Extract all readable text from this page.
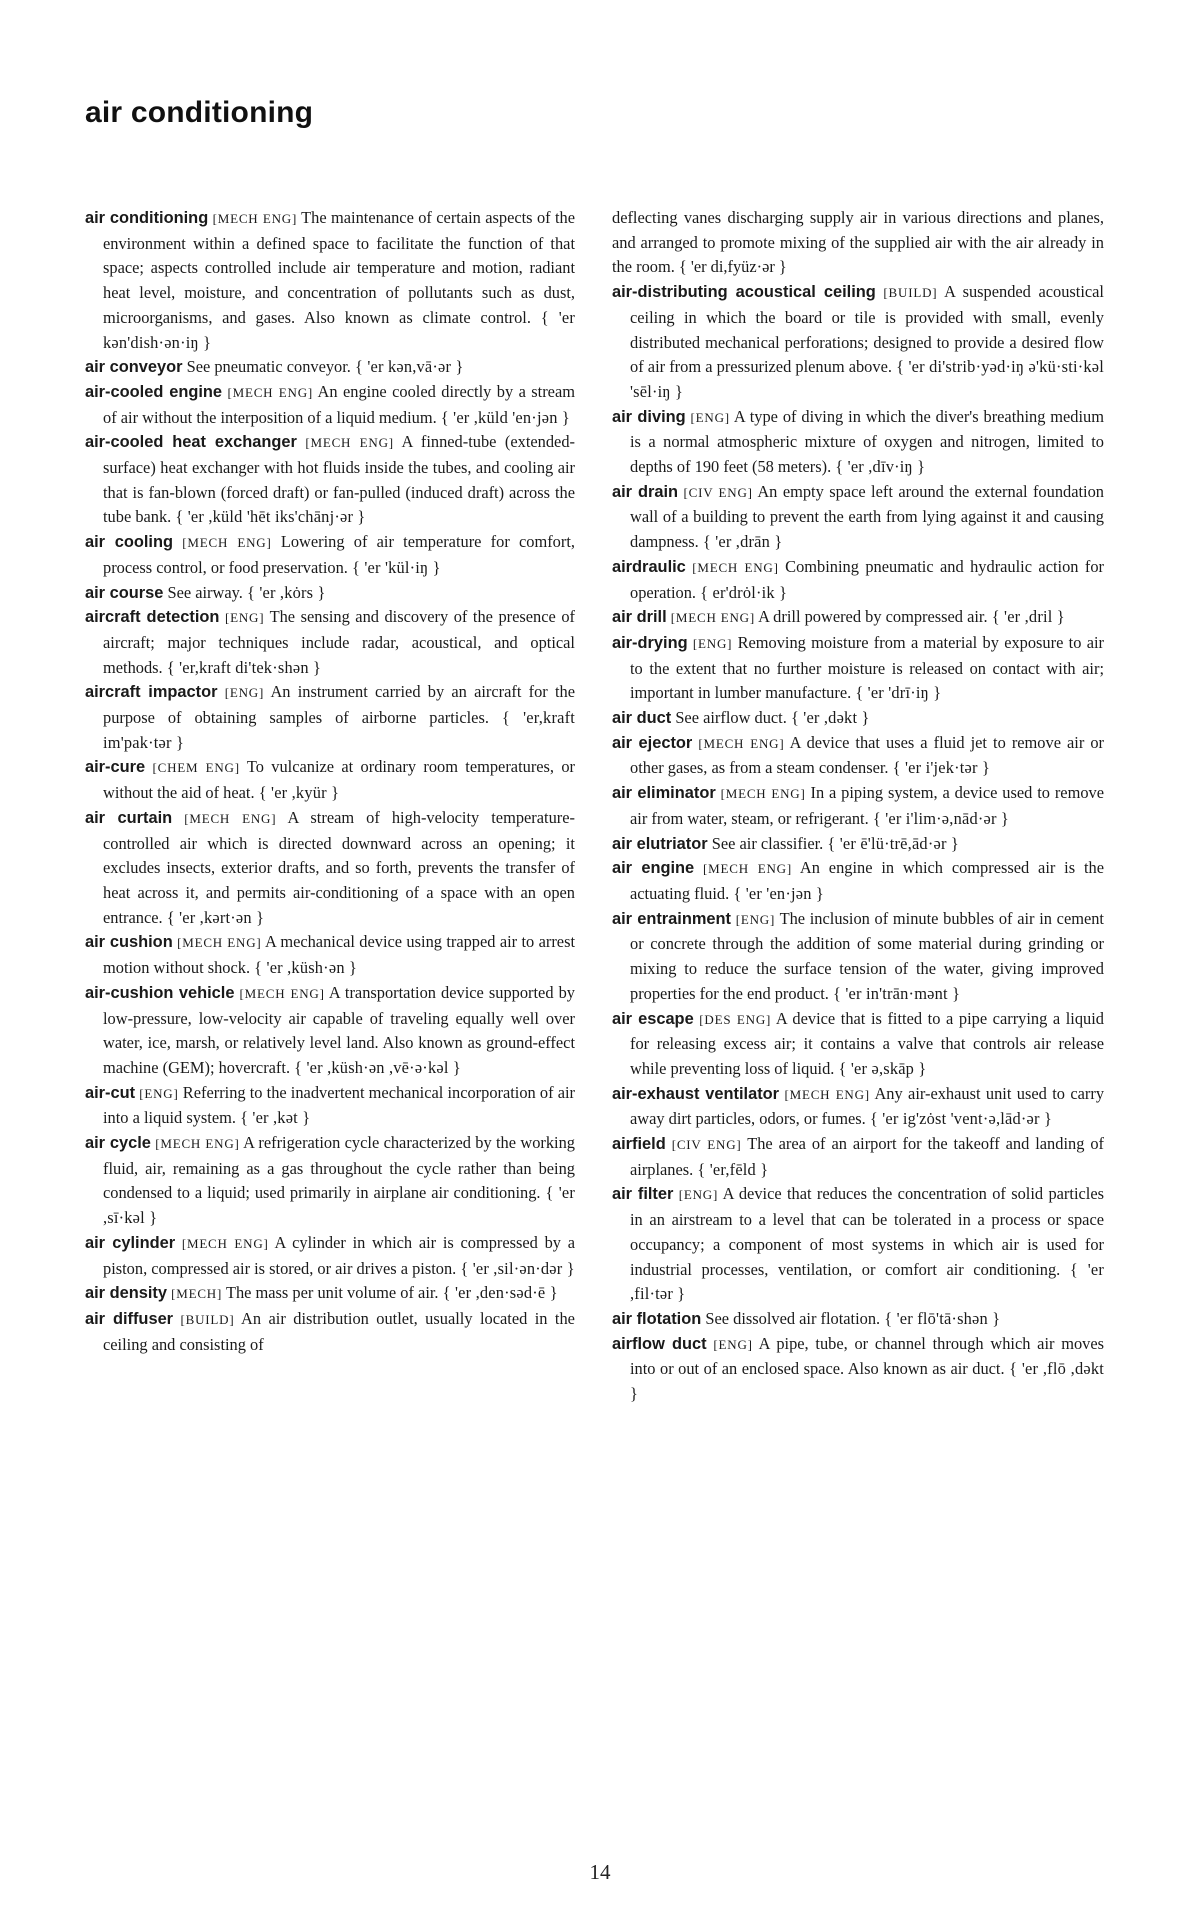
air conditioning

air conditioning [MECH ENG] The maintenance of certain aspects of the environment within a defined space to facilitate the function of that space; aspects controlled include air temperature and motion, radiant heat level, moisture, and concentration of pollutants such as dust, microorganisms, and gases. Also known as climate control. { 'er kən'dish·ən·iŋ }

air conveyor See pneumatic conveyor. { 'er kən,vā·ər }

air-cooled engine [MECH ENG] An engine cooled directly by a stream of air without the interposition of a liquid medium. { 'er ,küld 'en·jən }

air-cooled heat exchanger [MECH ENG] A finned-tube (extended-surface) heat exchanger with hot fluids inside the tubes, and cooling air that is fan-blown (forced draft) or fan-pulled (induced draft) across the tube bank. { 'er ,küld 'hēt iks'chānj·ər }

air cooling [MECH ENG] Lowering of air temperature for comfort, process control, or food preservation. { 'er 'kül·iŋ }

air course See airway. { 'er ,kȯrs }

aircraft detection [ENG] The sensing and discovery of the presence of aircraft; major techniques include radar, acoustical, and optical methods. { 'er,kraft di'tek·shən }

aircraft impactor [ENG] An instrument carried by an aircraft for the purpose of obtaining samples of airborne particles. { 'er,kraft im'pak·tər }

air-cure [CHEM ENG] To vulcanize at ordinary room temperatures, or without the aid of heat. { 'er ,kyür }

air curtain [MECH ENG] A stream of high-velocity temperature-controlled air which is directed downward across an opening; it excludes insects, exterior drafts, and so forth, prevents the transfer of heat across it, and permits air-conditioning of a space with an open entrance. { 'er ,kərt·ən }

air cushion [MECH ENG] A mechanical device using trapped air to arrest motion without shock. { 'er ,küsh·ən }

air-cushion vehicle [MECH ENG] A transportation device supported by low-pressure, low-velocity air capable of traveling equally well over water, ice, marsh, or relatively level land. Also known as ground-effect machine (GEM); hovercraft. { 'er ,küsh·ən ,vē·ə·kəl }

air-cut [ENG] Referring to the inadvertent mechanical incorporation of air into a liquid system. { 'er ,kət }

air cycle [MECH ENG] A refrigeration cycle characterized by the working fluid, air, remaining as a gas throughout the cycle rather than being condensed to a liquid; used primarily in airplane air conditioning. { 'er ,sī·kəl }

air cylinder [MECH ENG] A cylinder in which air is compressed by a piston, compressed air is stored, or air drives a piston. { 'er ,sil·ən·dər }

air density [MECH] The mass per unit volume of air. { 'er ,den·səd·ē }

air diffuser [BUILD] An air distribution outlet, usually located in the ceiling and consisting of

deflecting vanes discharging supply air in various directions and planes, and arranged to promote mixing of the supplied air with the air already in the room. { 'er di,fyüz·ər }

air-distributing acoustical ceiling [BUILD] A suspended acoustical ceiling in which the board or tile is provided with small, evenly distributed mechanical perforations; designed to provide a desired flow of air from a pressurized plenum above. { 'er di'strib·yəd·iŋ ə'kü·sti·kəl 'sēl·iŋ }

air diving [ENG] A type of diving in which the diver's breathing medium is a normal atmospheric mixture of oxygen and nitrogen, limited to depths of 190 feet (58 meters). { 'er ,dīv·iŋ }

air drain [CIV ENG] An empty space left around the external foundation wall of a building to prevent the earth from lying against it and causing dampness. { 'er ,drān }

airdraulic [MECH ENG] Combining pneumatic and hydraulic action for operation. { er'drȯl·ik }

air drill [MECH ENG] A drill powered by compressed air. { 'er ,dril }

air-drying [ENG] Removing moisture from a material by exposure to air to the extent that no further moisture is released on contact with air; important in lumber manufacture. { 'er 'drī·iŋ }

air duct See airflow duct. { 'er ,dəkt }

air ejector [MECH ENG] A device that uses a fluid jet to remove air or other gases, as from a steam condenser. { 'er i'jek·tər }

air eliminator [MECH ENG] In a piping system, a device used to remove air from water, steam, or refrigerant. { 'er i'lim·ə,nād·ər }

air elutriator See air classifier. { 'er ē'lü·trē,ād·ər }

air engine [MECH ENG] An engine in which compressed air is the actuating fluid. { 'er 'en·jən }

air entrainment [ENG] The inclusion of minute bubbles of air in cement or concrete through the addition of some material during grinding or mixing to reduce the surface tension of the water, giving improved properties for the end product. { 'er in'trān·mənt }

air escape [DES ENG] A device that is fitted to a pipe carrying a liquid for releasing excess air; it contains a valve that controls air release while preventing loss of liquid. { 'er ə,skāp }

air-exhaust ventilator [MECH ENG] Any air-exhaust unit used to carry away dirt particles, odors, or fumes. { 'er ig'zȯst 'vent·ə,lād·ər }

airfield [CIV ENG] The area of an airport for the takeoff and landing of airplanes. { 'er,fēld }

air filter [ENG] A device that reduces the concentration of solid particles in an airstream to a level that can be tolerated in a process or space occupancy; a component of most systems in which air is used for industrial processes, ventilation, or comfort air conditioning. { 'er ,fil·tər }

air flotation See dissolved air flotation. { 'er flō'tā·shən }

airflow duct [ENG] A pipe, tube, or channel through which air moves into or out of an enclosed space. Also known as air duct. { 'er ,flō ,dəkt }

14
